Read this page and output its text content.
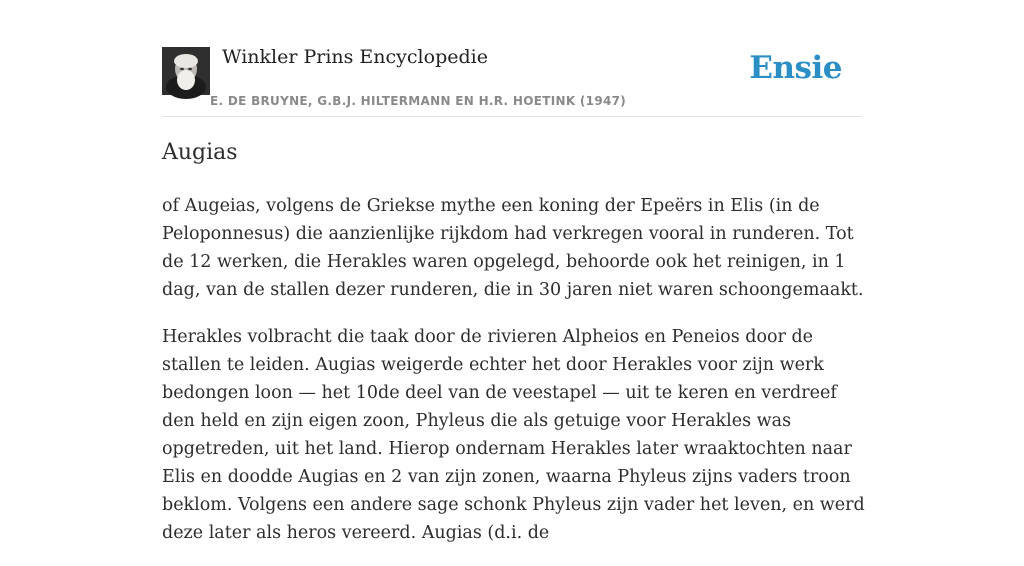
Winkler Prins Encyclopedie
E. DE BRUYNE, G.B.J. HILTERMANN EN H.R. HOETINK (1947)
Ensie
Augias

of Augeias, volgens de Griekse mythe een koning der Epeërs in Elis (in de Peloponnesus) die aanzienlijke rijkdom had verkregen vooral in runderen. Tot de 12 werken, die Herakles waren opgelegd, behoorde ook het reinigen, in 1 dag, van de stallen dezer runderen, die in 30 jaren niet waren schoongemaakt.

Herakles volbracht die taak door de rivieren Alpheios en Peneios door de stallen te leiden. Augias weigerde echter het door Herakles voor zijn werk bedongen loon — het 10de deel van de veestapel — uit te keren en verdreef den held en zijn eigen zoon, Phyleus die als getuige voor Herakles was opgetreden, uit het land. Hierop ondernam Herakles later wraaktochten naar Elis en doodde Augias en 2 van zijn zonen, waarna Phyleus zijns vaders troon beklom. Volgens een andere sage schonk Phyleus zijn vader het leven, en werd deze later als heros vereerd. Augias (d.i. de
